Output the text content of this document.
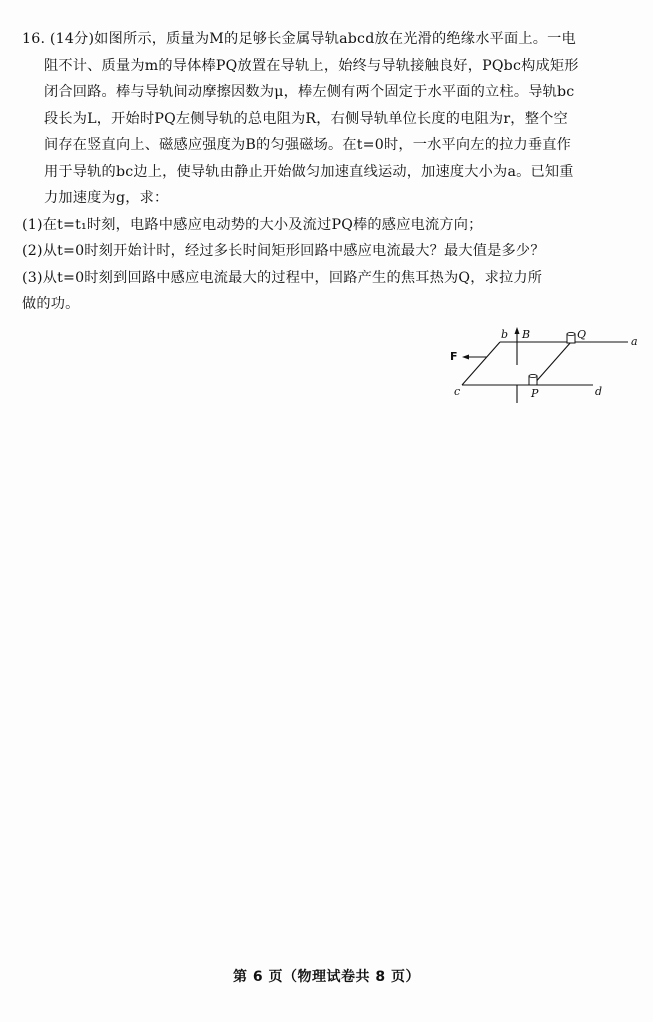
16. (14分)如图所示，质量为M的足够长金属导轨abcd放在光滑的绝缘水平面上。一电
阻不计、质量为m的导体棒PQ放置在导轨上，始终与导轨接触良好，PQbc构成矩形
闭合回路。棒与导轨间动摩擦因数为μ，棒左侧有两个固定于水平面的立柱。导轨bc
段长为L，开始时PQ左侧导轨的总电阻为R，右侧导轨单位长度的电阻为r，整个空
间存在竖直向上、磁感应强度为B的匀强磁场。在t=0时，一水平向左的拉力垂直作
用于导轨的bc边上，使导轨由静止开始做匀加速直线运动，加速度大小为a。已知重
力加速度为g，求：
(1)在t=t₁时刻，电路中感应电动势的大小及流过PQ棒的感应电流方向；
(2)从t=0时刻开始计时，经过多长时间矩形回路中感应电流最大？最大值是多少？
(3)从t=0时刻到回路中感应电流最大的过程中，回路产生的焦耳热为Q，求拉力所
做的功。
b B	Q
a
F
c	P	d
第 6 页（物理试卷共 8 页）
